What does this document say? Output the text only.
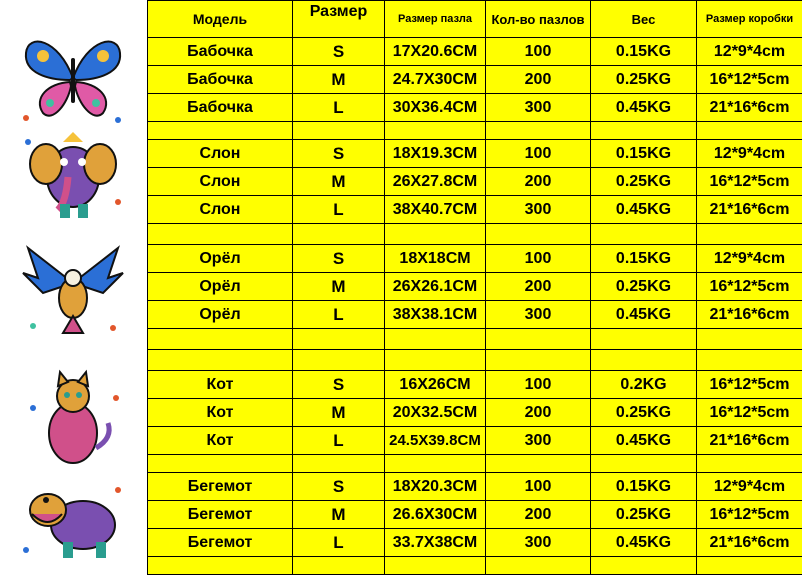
Модель	Размер	Размер пазла	Кол-во пазлов	Вес	Размер коробки
Бабочка	S	17X20.6CM	100	0.15KG	12*9*4cm
Бабочка	M	24.7X30CM	200	0.25KG	16*12*5cm
Бабочка	L	30X36.4CM	300	0.45KG	21*16*6cm

Слон	S	18X19.3CM	100	0.15KG	12*9*4cm
Слон	M	26X27.8CM	200	0.25KG	16*12*5cm
Слон	L	38X40.7CM	300	0.45KG	21*16*6cm

Орёл	S	18X18CM	100	0.15KG	12*9*4cm
Орёл	M	26X26.1CM	200	0.25KG	16*12*5cm
Орёл	L	38X38.1CM	300	0.45KG	21*16*6cm

Кот	S	16X26CM	100	0.2KG	16*12*5cm
Кот	M	20X32.5CM	200	0.25KG	16*12*5cm
Кот	L	24.5X39.8CM	300	0.45KG	21*16*6cm

Бегемот	S	18X20.3CM	100	0.15KG	12*9*4cm
Бегемот	M	26.6X30CM	200	0.25KG	16*12*5cm
Бегемот	L	33.7X38CM	300	0.45KG	21*16*6cm
